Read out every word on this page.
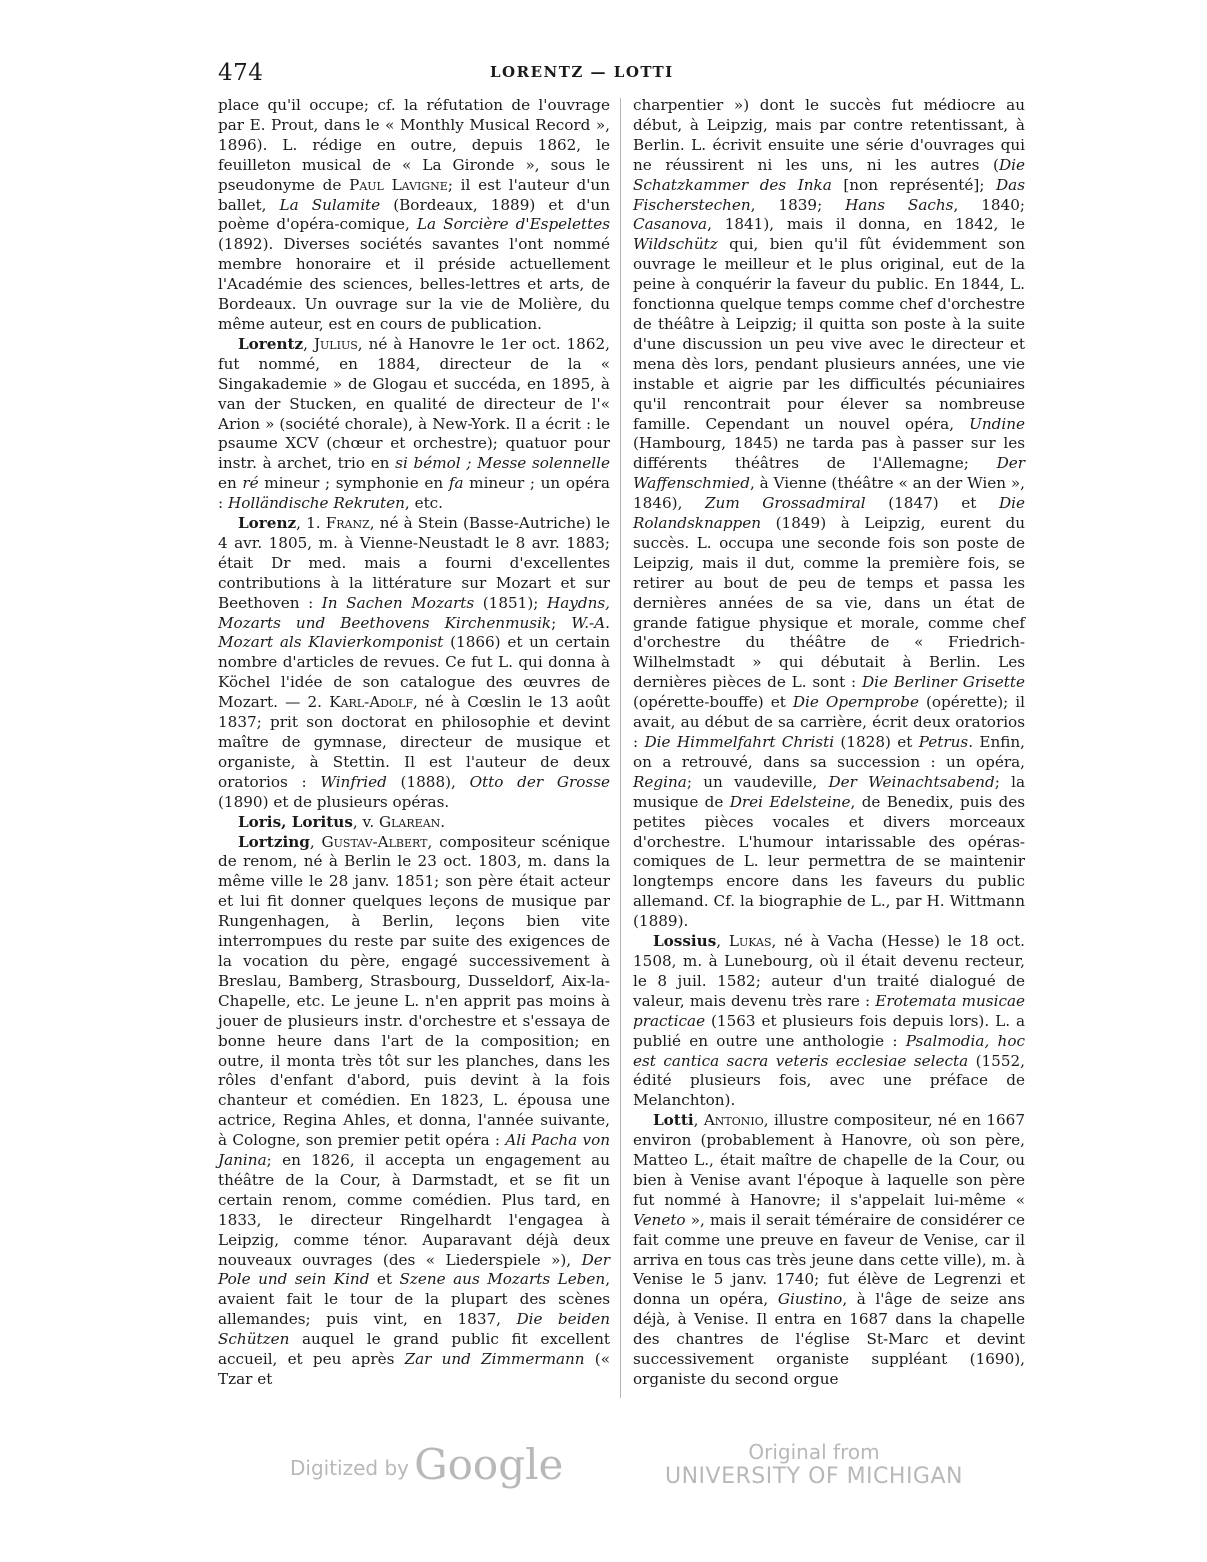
474	LORENTZ — LOTTI

place qu'il occupe; cf. la réfutation de l'ouvrage par E. Prout, dans le « Monthly Musical Record », 1896). L. rédige en outre, depuis 1862, le feuilleton musical de « La Gironde », sous le pseudonyme de Paul Lavigne; il est l'auteur d'un ballet, La Sulamite (Bordeaux, 1889) et d'un poème d'opéra-comique, La Sorcière d'Espelettes (1892). Diverses sociétés savantes l'ont nommé membre honoraire et il préside actuellement l'Académie des sciences, belles-lettres et arts, de Bordeaux. Un ouvrage sur la vie de Molière, du même auteur, est en cours de publication.

Lorentz, Julius, né à Hanovre le 1er oct. 1862, fut nommé, en 1884, directeur de la « Singakademie » de Glogau et succéda, en 1895, à van der Stucken, en qualité de directeur de l'« Arion » (société chorale), à New-York. Il a écrit : le psaume XCV (chœur et orchestre); quatuor pour instr. à archet, trio en si bémol ; Messe solennelle en ré mineur ; symphonie en fa mineur ; un opéra : Holländische Rekruten, etc.

Lorenz, 1. Franz, né à Stein (Basse-Autriche) le 4 avr. 1805, m. à Vienne-Neustadt le 8 avr. 1883; était Dr med. mais a fourni d'excellentes contributions à la littérature sur Mozart et sur Beethoven : In Sachen Mozarts (1851); Haydns, Mozarts und Beethovens Kirchenmusik; W.-A. Mozart als Klavierkomponist (1866) et un certain nombre d'articles de revues. Ce fut L. qui donna à Köchel l'idée de son catalogue des œuvres de Mozart. — 2. Karl-Adolf, né à Cœslin le 13 août 1837; prit son doctorat en philosophie et devint maître de gymnase, directeur de musique et organiste, à Stettin. Il est l'auteur de deux oratorios : Winfried (1888), Otto der Grosse (1890) et de plusieurs opéras.

Loris, Loritus, v. Glarean.

Lortzing, Gustav-Albert, compositeur scénique de renom, né à Berlin le 23 oct. 1803, m. dans la même ville le 28 janv. 1851; son père était acteur et lui fit donner quelques leçons de musique par Rungenhagen, à Berlin, leçons bien vite interrompues du reste par suite des exigences de la vocation du père, engagé successivement à Breslau, Bamberg, Strasbourg, Dusseldorf, Aix-la-Chapelle, etc. Le jeune L. n'en apprit pas moins à jouer de plusieurs instr. d'orchestre et s'essaya de bonne heure dans l'art de la composition; en outre, il monta très tôt sur les planches, dans les rôles d'enfant d'abord, puis devint à la fois chanteur et comédien. En 1823, L. épousa une actrice, Regina Ahles, et donna, l'année suivante, à Cologne, son premier petit opéra : Ali Pacha von Janina; en 1826, il accepta un engagement au théâtre de la Cour, à Darmstadt, et se fit un certain renom, comme comédien. Plus tard, en 1833, le directeur Ringelhardt l'engagea à Leipzig, comme ténor. Auparavant déjà deux nouveaux ouvrages (des « Liederspiele »), Der Pole und sein Kind et Szene aus Mozarts Leben, avaient fait le tour de la plupart des scènes allemandes; puis vint, en 1837, Die beiden Schützen auquel le grand public fit excellent accueil, et peu après Zar und Zimmermann (« Tzar et

charpentier ») dont le succès fut médiocre au début, à Leipzig, mais par contre retentissant, à Berlin. L. écrivit ensuite une série d'ouvrages qui ne réussirent ni les uns, ni les autres (Die Schatzkammer des Inka [non représenté]; Das Fischerstechen, 1839; Hans Sachs, 1840; Casanova, 1841), mais il donna, en 1842, le Wildschütz qui, bien qu'il fût évidemment son ouvrage le meilleur et le plus original, eut de la peine à conquérir la faveur du public. En 1844, L. fonctionna quelque temps comme chef d'orchestre de théâtre à Leipzig; il quitta son poste à la suite d'une discussion un peu vive avec le directeur et mena dès lors, pendant plusieurs années, une vie instable et aigrie par les difficultés pécuniaires qu'il rencontrait pour élever sa nombreuse famille. Cependant un nouvel opéra, Undine (Hambourg, 1845) ne tarda pas à passer sur les différents théâtres de l'Allemagne; Der Waffenschmied, à Vienne (théâtre « an der Wien », 1846), Zum Grossadmiral (1847) et Die Rolandsknappen (1849) à Leipzig, eurent du succès. L. occupa une seconde fois son poste de Leipzig, mais il dut, comme la première fois, se retirer au bout de peu de temps et passa les dernières années de sa vie, dans un état de grande fatigue physique et morale, comme chef d'orchestre du théâtre de « Friedrich-Wilhelmstadt » qui débutait à Berlin. Les dernières pièces de L. sont : Die Berliner Grisette (opérette-bouffe) et Die Opernprobe (opérette); il avait, au début de sa carrière, écrit deux oratorios : Die Himmelfahrt Christi (1828) et Petrus. Enfin, on a retrouvé, dans sa succession : un opéra, Regina; un vaudeville, Der Weinachtsabend; la musique de Drei Edelsteine, de Benedix, puis des petites pièces vocales et divers morceaux d'orchestre. L'humour intarissable des opéras-comiques de L. leur permettra de se maintenir longtemps encore dans les faveurs du public allemand. Cf. la biographie de L., par H. Wittmann (1889).

Lossius, Lukas, né à Vacha (Hesse) le 18 oct. 1508, m. à Lunebourg, où il était devenu recteur, le 8 juil. 1582; auteur d'un traité dialogué de valeur, mais devenu très rare : Erotemata musicae practicae (1563 et plusieurs fois depuis lors). L. a publié en outre une anthologie : Psalmodia, hoc est cantica sacra veteris ecclesiae selecta (1552, édité plusieurs fois, avec une préface de Melanchton).

Lotti, Antonio, illustre compositeur, né en 1667 environ (probablement à Hanovre, où son père, Matteo L., était maître de chapelle de la Cour, ou bien à Venise avant l'époque à laquelle son père fut nommé à Hanovre; il s'appelait lui-même « Veneto », mais il serait téméraire de considérer ce fait comme une preuve en faveur de Venise, car il arriva en tous cas très jeune dans cette ville), m. à Venise le 5 janv. 1740; fut élève de Legrenzi et donna un opéra, Giustino, à l'âge de seize ans déjà, à Venise. Il entra en 1687 dans la chapelle des chantres de l'église St-Marc et devint successivement organiste suppléant (1690), organiste du second orgue

Digitized by Google	Original from
UNIVERSITY OF MICHIGAN
